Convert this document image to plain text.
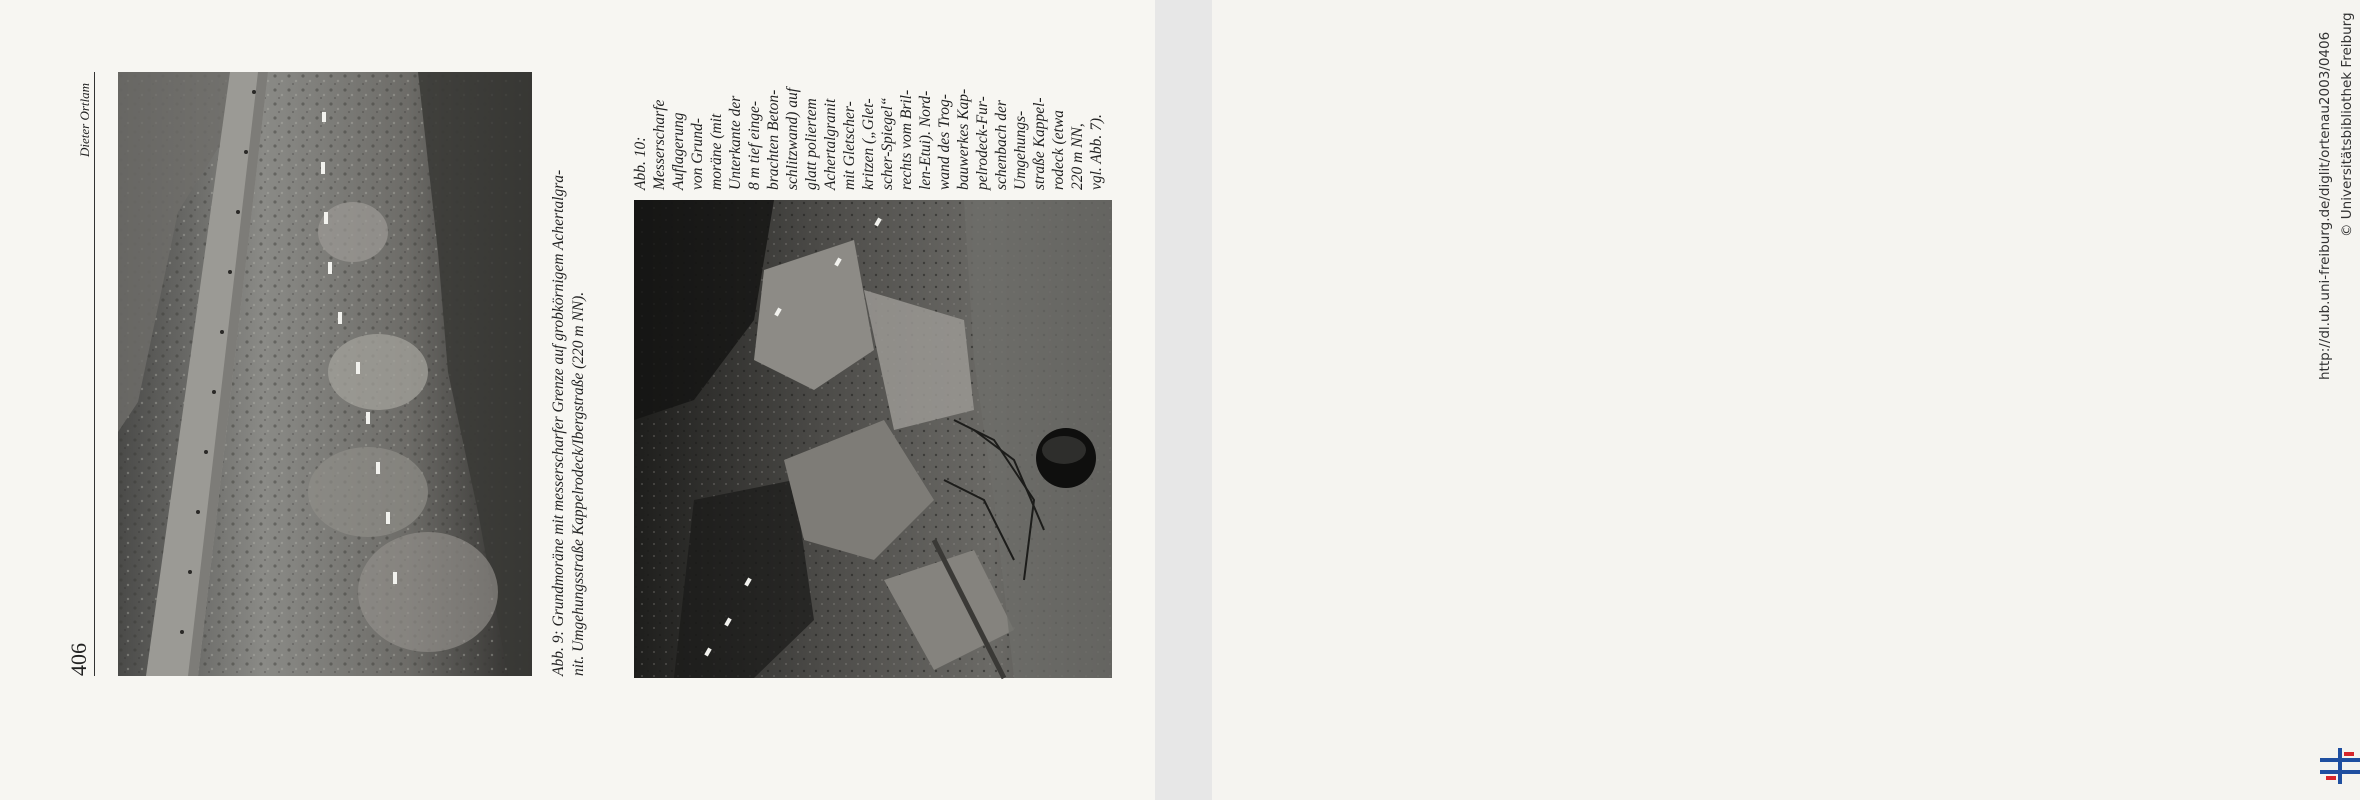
406
Dieter Ortlam
Abb. 9: Grundmoräne mit messerscharfer Grenze auf grobkörnigem Achertalgra- nit. Umgehungsstraße Kappelrodeck/Ibergstraße (220 m NN).
Abb. 10: Messerscharfe Auflagerung von Grund- moräne (mit Unterkante der 8 m tief einge- brachten Beton- schlitzwand) auf glatt poliertem Achertalgranit mit Gletscher- kritzen („Glet- scher-Spiegel“ rechts vom Bril- len-Etui). Nord- wand des Trog- bauwerkes Kap- pelrodeck-Fur- schenbach der Umgehungs- straße Kappel- rodeck (etwa 220 m NN, vgl. Abb. 7).	http://dl.ub.uni-freiburg.de/diglit/ortenau2003/0406 © Universitätsbibliothek Freiburg
